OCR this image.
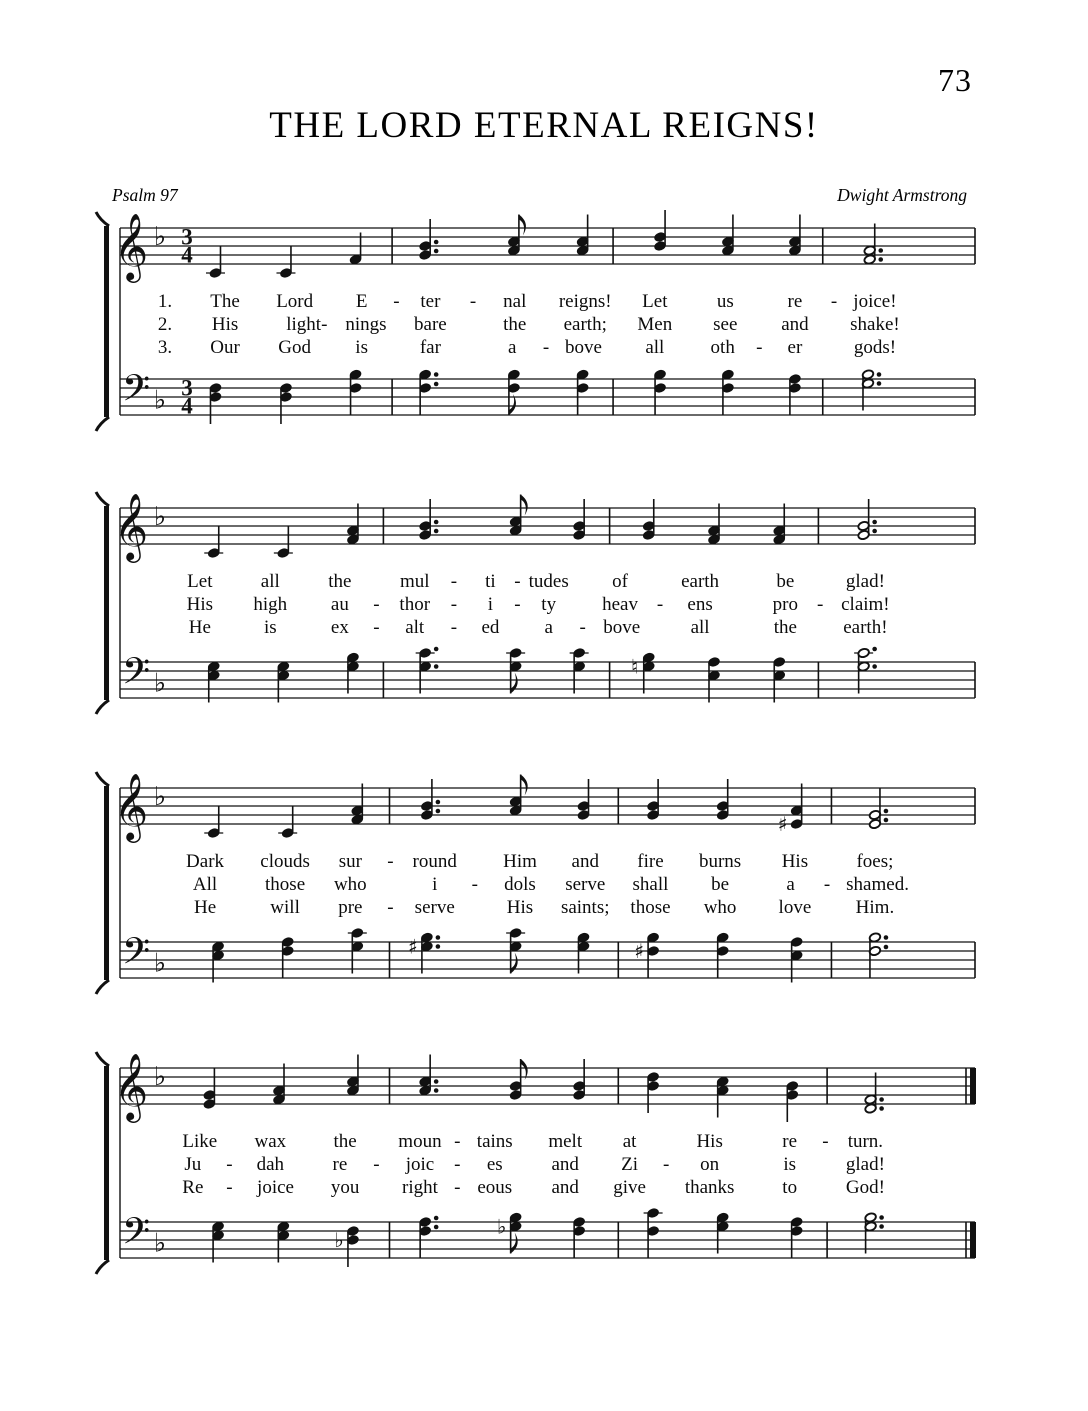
73
THE LORD ETERNAL REIGNS!
Psalm 97	Dwight Armstrong
𝄞 ♭ 3
4
𝄢 ♭ 3
4
𝄞 ♭
𝄢 ♭
♮
𝄞 ♭
♯
𝄢 ♭
♯	♯
𝄞 ♭
𝄢 ♭	♭
♭
1. The Lord E - ter - nal reigns! Let	us	re - joice!
2. His	light- nings bare	the earth; Men see and shake!
3. Our God is	far	a - bove all oth - er	gods!
Let	all	the	mul - ti - tudes of	earth	be	glad!
His high au - thor - i - ty heav - ens	pro - claim!
He	is	ex - alt - ed a - bove	all	the earth!
Dark clouds sur - round Him and fire burns His	foes;
All	those who	i - dols serve shall be	a - shamed.
He	will pre - serve	His saints; those who love Him.
Like wax the moun - tains melt at	His	re - turn.
Ju - dah	re - joic - es	and Zi - on	is	glad!
Re - joice you right - eous and give thanks	to	God!
